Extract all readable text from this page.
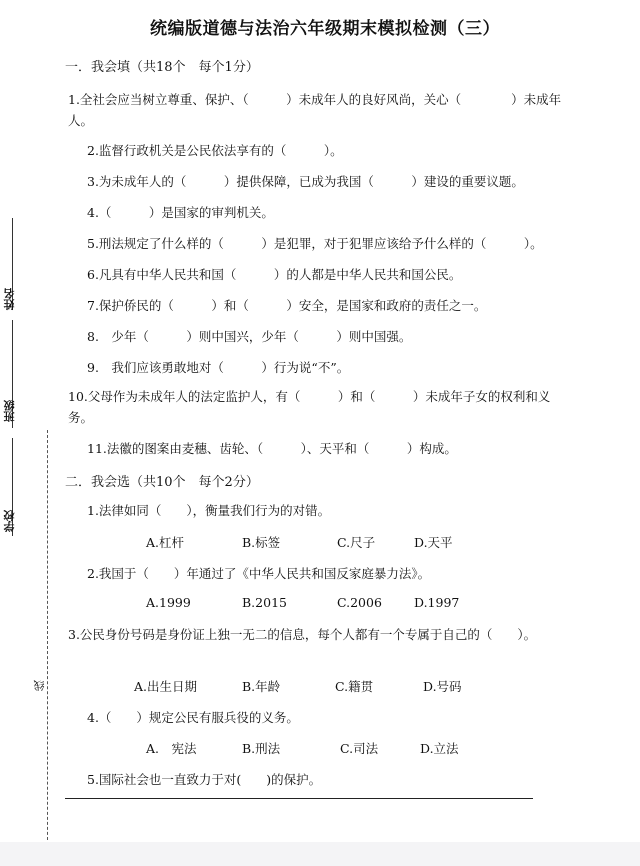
统编版道德与法治六年级期末模拟检测（三）
一．我会填（共18个　每个1分）
1.全社会应当树立尊重、保护、（　　　）未成年人的良好风尚，关心（　　　　）未成年人。
2.监督行政机关是公民依法享有的（　　　）。
3.为未成年人的（　　　）提供保障，已成为我国（　　　）建设的重要议题。
4.（　　　）是国家的审判机关。
5.刑法规定了什么样的（　　　）是犯罪，对于犯罪应该给予什么样的（　　　）。
6.凡具有中华人民共和国（　　　）的人都是中华人民共和国公民。
7.保护侨民的（　　　）和（　　　）安全，是国家和政府的责任之一。
8.　少年（　　　）则中国兴，少年（　　　）则中国强。
9.　我们应该勇敢地对（　　　）行为说“不”。
10.父母作为未成年人的法定监护人，有（　　　）和（　　　）未成年子女的权利和义务。
11.法徽的图案由麦穗、齿轮、（　　　）、天平和（　　　）构成。
二．我会选（共10个　每个2分）
1.法律如同（　　），衡量我们行为的对错。
A.杠杆	B.标签	C.尺子	D.天平
2.我国于（　　）年通过了《中华人民共和国反家庭暴力法》。
A.1999	B.2015	C.2006	D.1997
3.公民身份号码是身份证上独一无二的信息，每个人都有一个专属于自己的（　　）。
A.出生日期	B.年龄	C.籍贯	D.号码
4.（　　）规定公民有服兵役的义务。
A.　宪法	B.刑法	C.司法	D.立法
5.国际社会也一直致力于对(　　)的保护。
姓名
班级
学校
线
